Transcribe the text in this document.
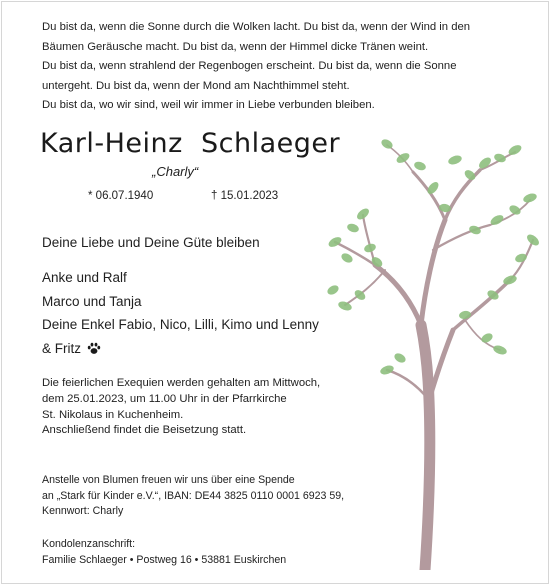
Du bist da, wenn die Sonne durch die Wolken lacht. Du bist da, wenn der Wind in den

Bäumen Geräusche macht. Du bist da, wenn der Himmel dicke Tränen weint.

Du bist da, wenn strahlend der Regenbogen erscheint. Du bist da, wenn die Sonne

untergeht. Du bist da, wenn der Mond am Nachthimmel steht.

Du bist da, wo wir sind, weil wir immer in Liebe verbunden bleiben.

Karl-Heinz  Schlaeger
„Charly“
* 06.07.1940	† 15.01.2023
Deine Liebe und Deine Güte bleiben
Anke und Ralf
Marco und Tanja
Deine Enkel Fabio, Nico, Lilli, Kimo und Lenny
& Fritz
Die feierlichen Exequien werden gehalten am Mittwoch,
dem 25.01.2023, um 11.00 Uhr in der Pfarrkirche
St. Nikolaus in Kuchenheim.
Anschließend findet die Beisetzung statt.
Anstelle von Blumen freuen wir uns über eine Spende
an „Stark für Kinder e.V.“, IBAN: DE44 3825 0110 0001 6923 59,
Kennwort: Charly
Kondolenzanschrift:
Familie Schlaeger • Postweg 16 • 53881 Euskirchen
